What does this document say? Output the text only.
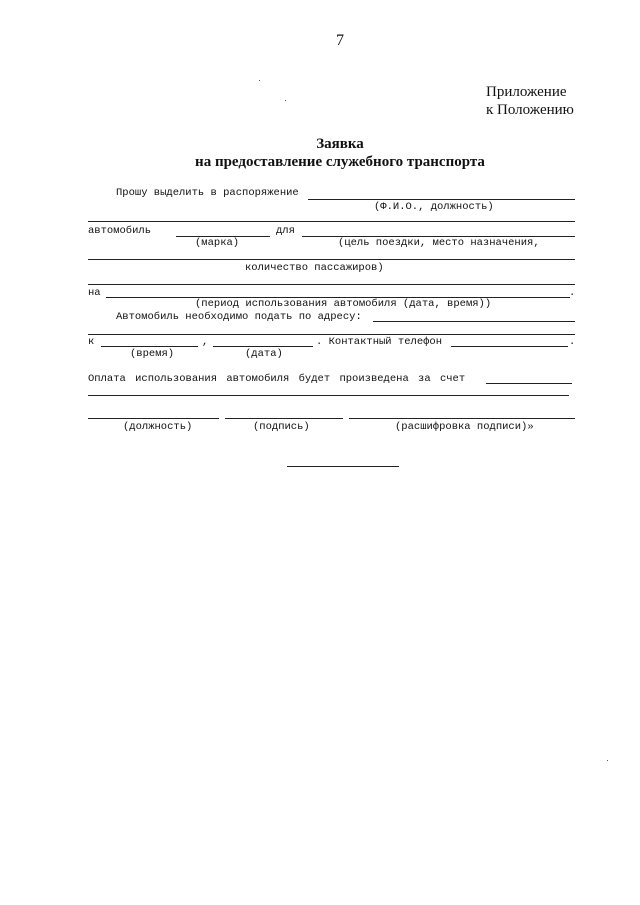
7
Приложение
к Положению
Заявка
на предоставление служебного транспорта
Прошу выделить в распоряжение
(Ф.И.О., должность)
автомобиль	для
(марка)	(цель поездки, место назначения,
количество пассажиров)
на	.
(период использования автомобиля (дата, время))
Автомобиль необходимо подать по адресу:
к	,	. Контактный телефон	.
(время)	(дата)
Оплата использования автомобиля будет произведена за счет
(должность)	(подпись)	(расшифровка подписи)»
